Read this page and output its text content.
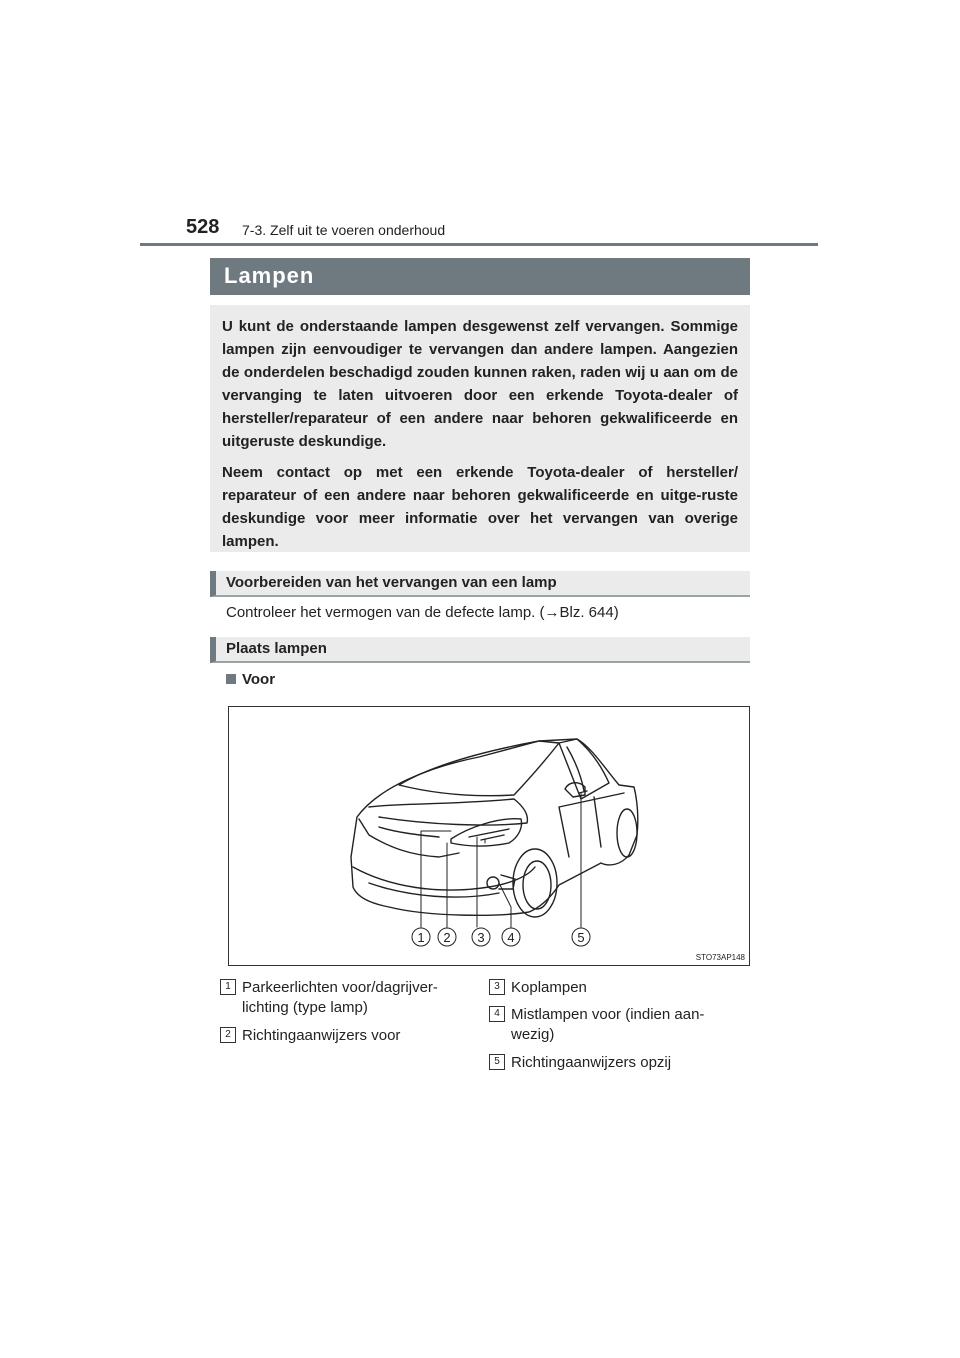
528 7-3. Zelf uit te voeren onderhoud
Lampen

U kunt de onderstaande lampen desgewenst zelf vervangen. Sommige lampen zijn eenvoudiger te vervangen dan andere lampen. Aangezien de onderdelen beschadigd zouden kunnen raken, raden wij u aan om de vervanging te laten uitvoeren door een erkende Toyota-dealer of hersteller/reparateur of een andere naar behoren gekwalificeerde en uitgeruste deskundige.

Neem contact op met een erkende Toyota-dealer of hersteller/ reparateur of een andere naar behoren gekwalificeerde en uitge-ruste deskundige voor meer informatie over het vervangen van overige lampen.

Voorbereiden van het vervangen van een lamp
Controleer het vermogen van de defecte lamp. (→Blz. 644)
Plaats lampen
Voor
1 2 3 4	5
STO73AP148
1 Parkeerlichten voor/dagrijver-lichting (type lamp)
2 Richtingaanwijzers voor
3 Koplampen
4 Mistlampen voor (indien aan-wezig)
5 Richtingaanwijzers opzij
